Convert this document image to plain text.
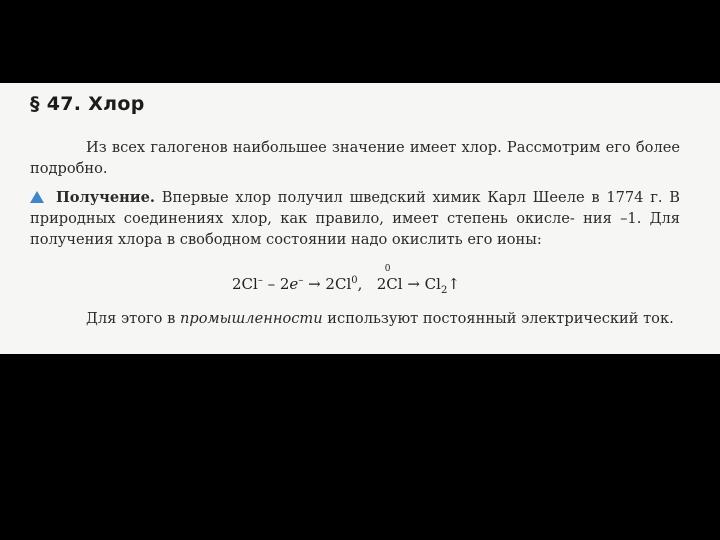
§ 47. Хлор
Из всех галогенов наибольшее значение имеет хлор. Рассмотрим его более подробно.
Получение. Впервые хлор получил шведский химик Карл Шееле в 1774 г. В природных соединениях хлор, как правило, имеет степень окисле- ния –1. Для получения хлора в свободном состоянии надо окислить его ионы:
$2Cl^- - 2e^- \to 2Cl^0$,
0
$2Cl \to Cl_2↑$
Для этого в промышленности используют постоянный электрический ток.
